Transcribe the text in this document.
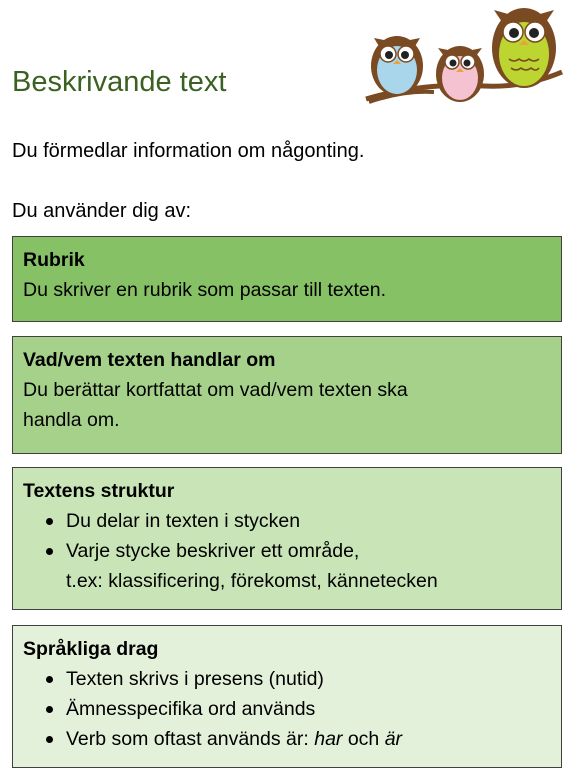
Beskrivande text
Du förmedlar information om någonting.
Du använder dig av:
Rubrik
Du skriver en rubrik som passar till texten.
Vad/vem texten handlar om
Du berättar kortfattat om vad/vem texten ska
handla om.
Textens struktur
Du delar in texten i stycken
Varje stycke beskriver ett område,
t.ex: klassificering, förekomst, kännetecken
Språkliga drag
Texten skrivs i presens (nutid)
Ämnesspecifika ord används
Verb som oftast används är: har och är
